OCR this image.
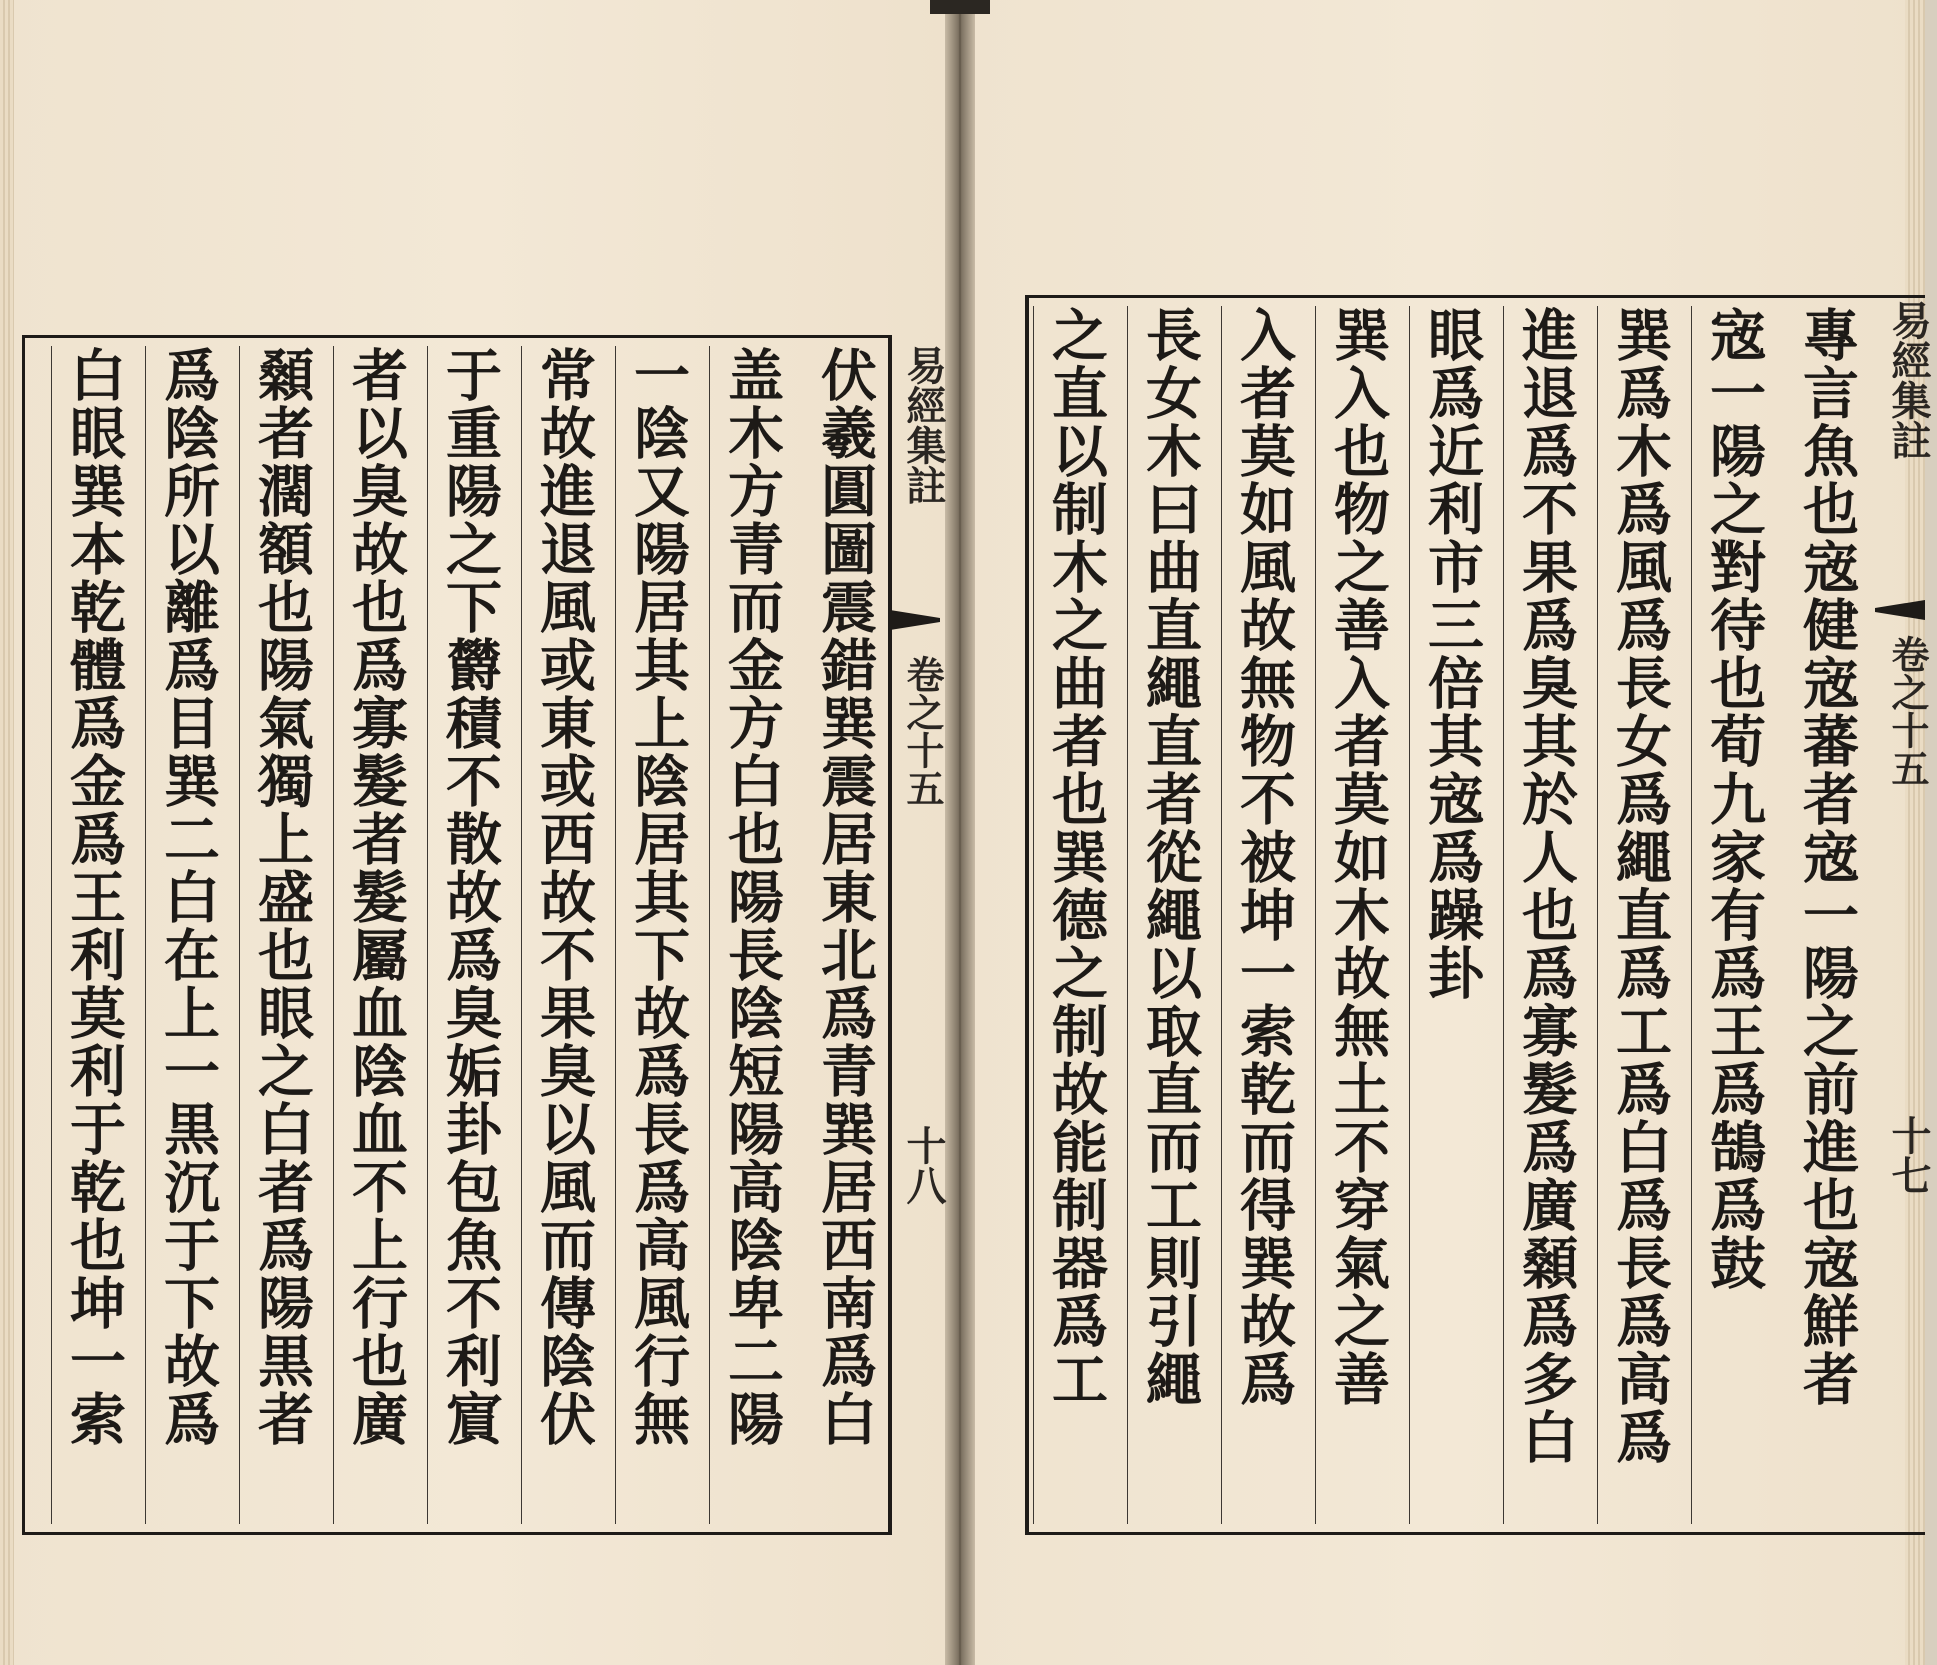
易經集註
卷之十五
十八
伏羲圓圖震錯巽震居東北爲青巽居西南爲白
盖木方青而金方白也陽長陰短陽高陰卑二陽
一陰又陽居其上陰居其下故爲長爲高風行無
常故進退風或東或西故不果臭以風而傳陰伏
于重陽之下欝積不散故爲臭姤卦包魚不利賔
者以臭故也爲寡髮者髮屬血陰血不上行也廣
顙者濶額也陽氣獨上盛也眼之白者爲陽黒者
爲陰所以離爲目巽二白在上一黒沉于下故爲
白眼巽本乾體爲金爲王利莫利于乾也坤一索	易經集註
卷之十五
十七
專言魚也宼健宼蕃者宼一陽之前進也宼鮮者
宼一陽之對待也荀九家有爲王爲鵠爲鼓
巽爲木爲風爲長女爲繩直爲工爲白爲長爲高爲
進退爲不果爲臭其於人也爲寡髮爲廣顙爲多白
眼爲近利市三倍其宼爲躁卦
巽入也物之善入者莫如木故無土不穿氣之善
入者莫如風故無物不被坤一索乾而得巽故爲
長女木曰曲直繩直者從繩以取直而工則引繩
之直以制木之曲者也巽德之制故能制器爲工
